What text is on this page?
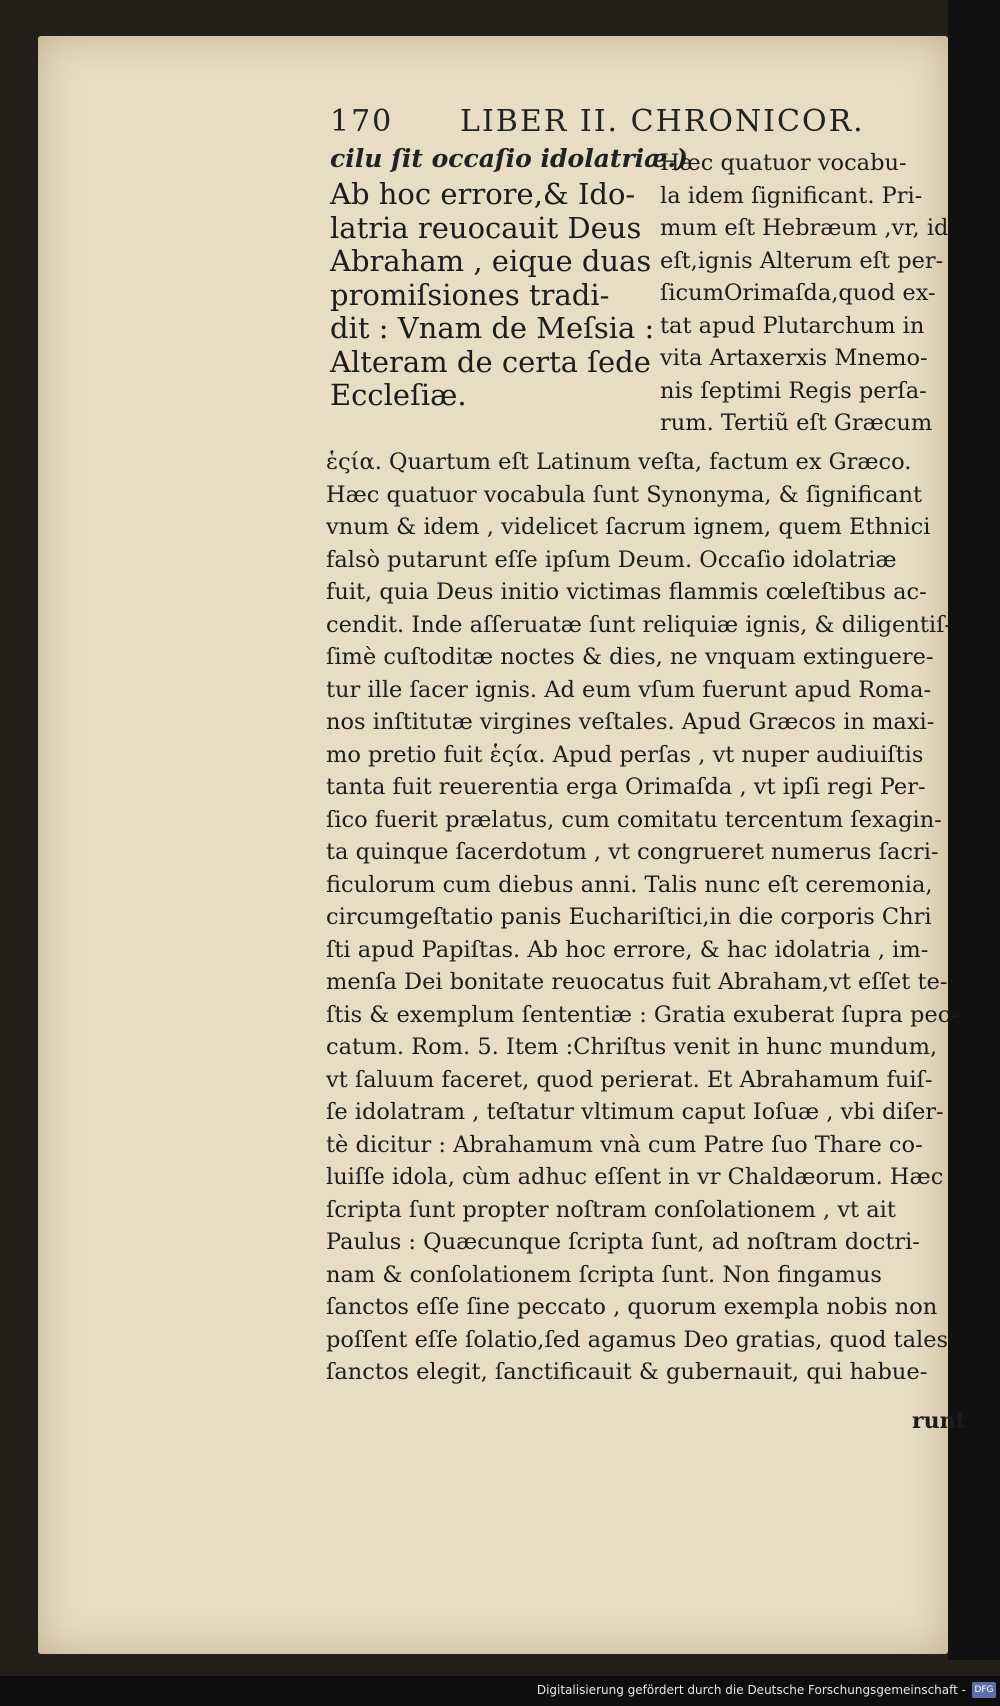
170 LIBER II. CHRONICOR.
cilu ſit occaſio idolatriæ.)
Ab hoc errore,& Ido-
latria reuocauit Deus
Abraham , eique duas
promiſsiones tradi-
dit : Vnam de Meſsia :
Alteram de certa ſede
Eccleſiæ.
Hæc quatuor vocabu-
la idem ſignificant. Pri-
mum eſt Hebræum ,vr, id
eſt,ignis Alterum eſt per-
ſicumOrimaſda,quod ex-
tat apud Plutarchum in
vita Artaxerxis Mnemo-
nis ſeptimi Regis perſa-
rum. Tertiũ eſt Græcum
ἑςία. Quartum eſt Latinum veſta, factum ex Græco.
Hæc quatuor vocabula ſunt Synonyma, & ſignificant
vnum & idem , videlicet ſacrum ignem, quem Ethnici
falsò putarunt eſſe ipſum Deum. Occaſio idolatriæ
fuit, quia Deus initio victimas flammis cœleſtibus ac-
cendit. Inde aſſeruatæ ſunt reliquiæ ignis, & diligentiſ-
ſimè cuſtoditæ noctes & dies, ne vnquam extinguere-
tur ille ſacer ignis. Ad eum vſum fuerunt apud Roma-
nos inſtitutæ virgines veſtales. Apud Græcos in maxi-
mo pretio fuit ἑςία. Apud perſas , vt nuper audiuiſtis
tanta fuit reuerentia erga Orimaſda , vt ipſi regi Per-
ſico fuerit prælatus, cum comitatu tercentum ſexagin-
ta quinque ſacerdotum , vt congrueret numerus ſacri-
ficulorum cum diebus anni. Talis nunc eſt ceremonia,
circumgeſtatio panis Euchariſtici,in die corporis Chri
ſti apud Papiſtas. Ab hoc errore, & hac idolatria , im-
menſa Dei bonitate reuocatus fuit Abraham,vt eſſet te-
ſtis & exemplum ſententiæ : Gratia exuberat ſupra pec-
catum. Rom. 5. Item :Chriſtus venit in hunc mundum,
vt ſaluum faceret, quod perierat. Et Abrahamum fuiſ-
ſe idolatram , teſtatur vltimum caput Ioſuæ , vbi diſer-
tè dicitur : Abrahamum vnà cum Patre ſuo Thare co-
luiſſe idola, cùm adhuc eſſent in vr Chaldæorum. Hæc
ſcripta ſunt propter noſtram conſolationem , vt ait
Paulus : Quæcunque ſcripta ſunt, ad noſtram doctri-
nam & conſolationem ſcripta ſunt. Non fingamus
ſanctos eſſe ſine peccato , quorum exempla nobis non
poſſent eſſe ſolatio,ſed agamus Deo gratias, quod tales
ſanctos elegit, ſanctificauit & gubernauit, qui habue-
runt
Digitalisierung gefördert durch die Deutsche Forschungsgemeinschaft - DFG
